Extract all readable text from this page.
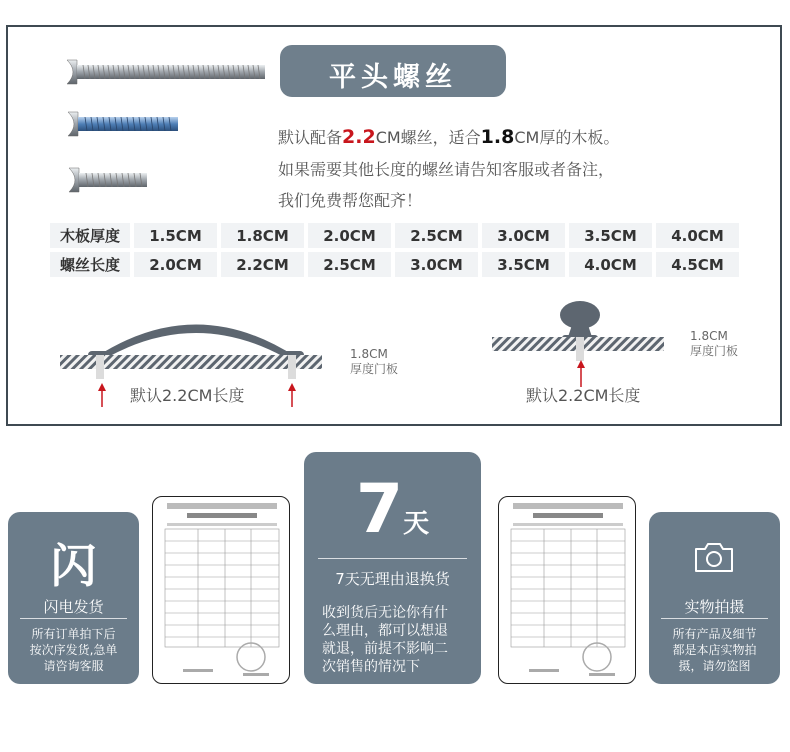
平头螺丝
默认配备2.2CM螺丝，适合1.8CM厚的木板。
如果需要其他长度的螺丝请告知客服或者备注，
我们免费帮您配齐！
木板厚度	1.5CM	1.8CM	2.0CM	2.5CM	3.0CM	3.5CM	4.0CM
螺丝长度	2.0CM	2.2CM	2.5CM	3.0CM	3.5CM	4.0CM	4.5CM
1.8CM
厚度门板
默认2.2CM长度
1.8CM
厚度门板
默认2.2CM长度
闪
闪电发货
所有订单拍下后
按次序发货,急单
请咨询客服
7天
7天无理由退换货
收到货后无论你有什
么理由，都可以想退
就退，前提不影响二
次销售的情况下
实物拍摄
所有产品及细节
都是本店实物拍
摄，请勿盗图
